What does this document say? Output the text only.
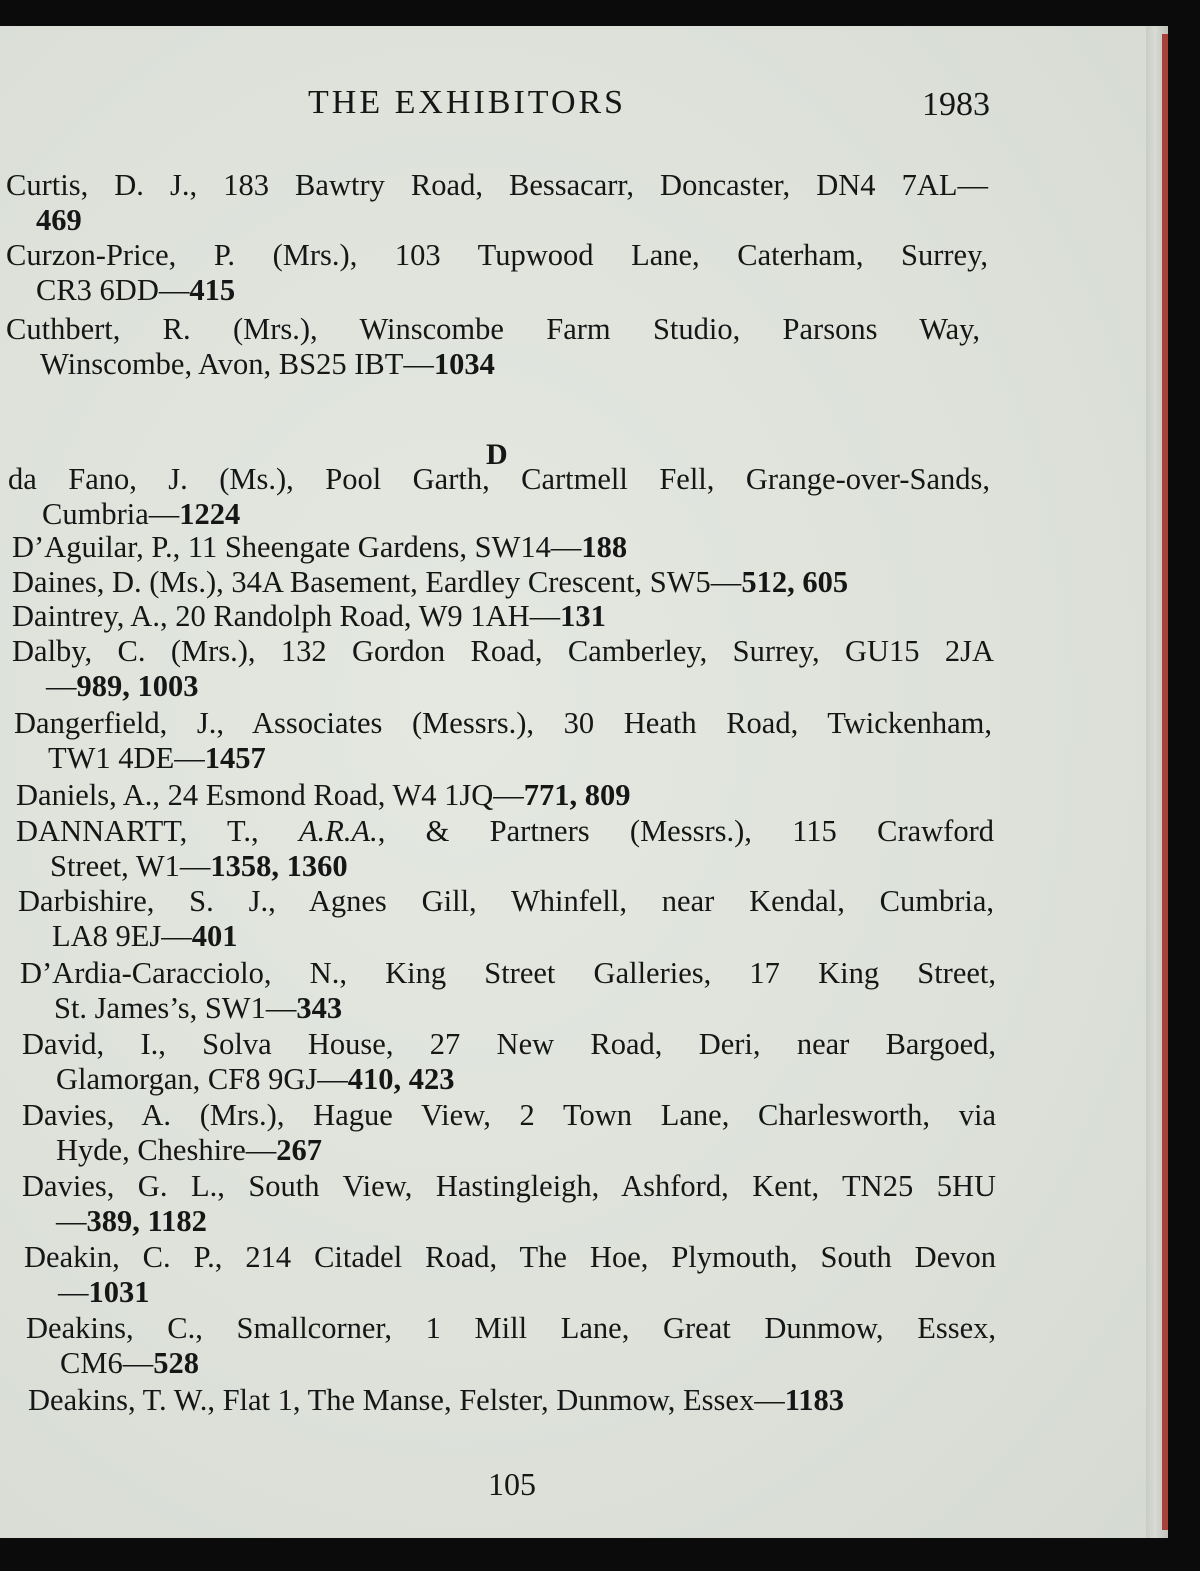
THE EXHIBITORS	1983

Curtis, D. J., 183 Bawtry Road, Bessacarr, Doncaster, DN4 7AL—
469

Curzon-Price, P. (Mrs.), 103 Tupwood Lane, Caterham, Surrey,
CR3 6DD—415

Cuthbert, R. (Mrs.), Winscombe Farm Studio, Parsons Way,
Winscombe, Avon, BS25 IBT—1034

D

da Fano, J. (Ms.), Pool Garth, Cartmell Fell, Grange-over-Sands,
Cumbria—1224

D’Aguilar, P., 11 Sheengate Gardens, SW14—188

Daines, D. (Ms.), 34A Basement, Eardley Crescent, SW5—512, 605

Daintrey, A., 20 Randolph Road, W9 1AH—131

Dalby, C. (Mrs.), 132 Gordon Road, Camberley, Surrey, GU15 2JA
—989, 1003

Dangerfield, J., Associates (Messrs.), 30 Heath Road, Twickenham,
TW1 4DE—1457

Daniels, A., 24 Esmond Road, W4 1JQ—771, 809

DANNARTT, T., A.R.A., & Partners (Messrs.), 115 Crawford
Street, W1—1358, 1360

Darbishire, S. J., Agnes Gill, Whinfell, near Kendal, Cumbria,
LA8 9EJ—401

D’Ardia-Caracciolo, N., King Street Galleries, 17 King Street,
St. James’s, SW1—343

David, I., Solva House, 27 New Road, Deri, near Bargoed,
Glamorgan, CF8 9GJ—410, 423

Davies, A. (Mrs.), Hague View, 2 Town Lane, Charlesworth, via
Hyde, Cheshire—267

Davies, G. L., South View, Hastingleigh, Ashford, Kent, TN25 5HU
—389, 1182

Deakin, C. P., 214 Citadel Road, The Hoe, Plymouth, South Devon
—1031

Deakins, C., Smallcorner, 1 Mill Lane, Great Dunmow, Essex,
CM6—528

Deakins, T. W., Flat 1, The Manse, Felster, Dunmow, Essex—1183

105
